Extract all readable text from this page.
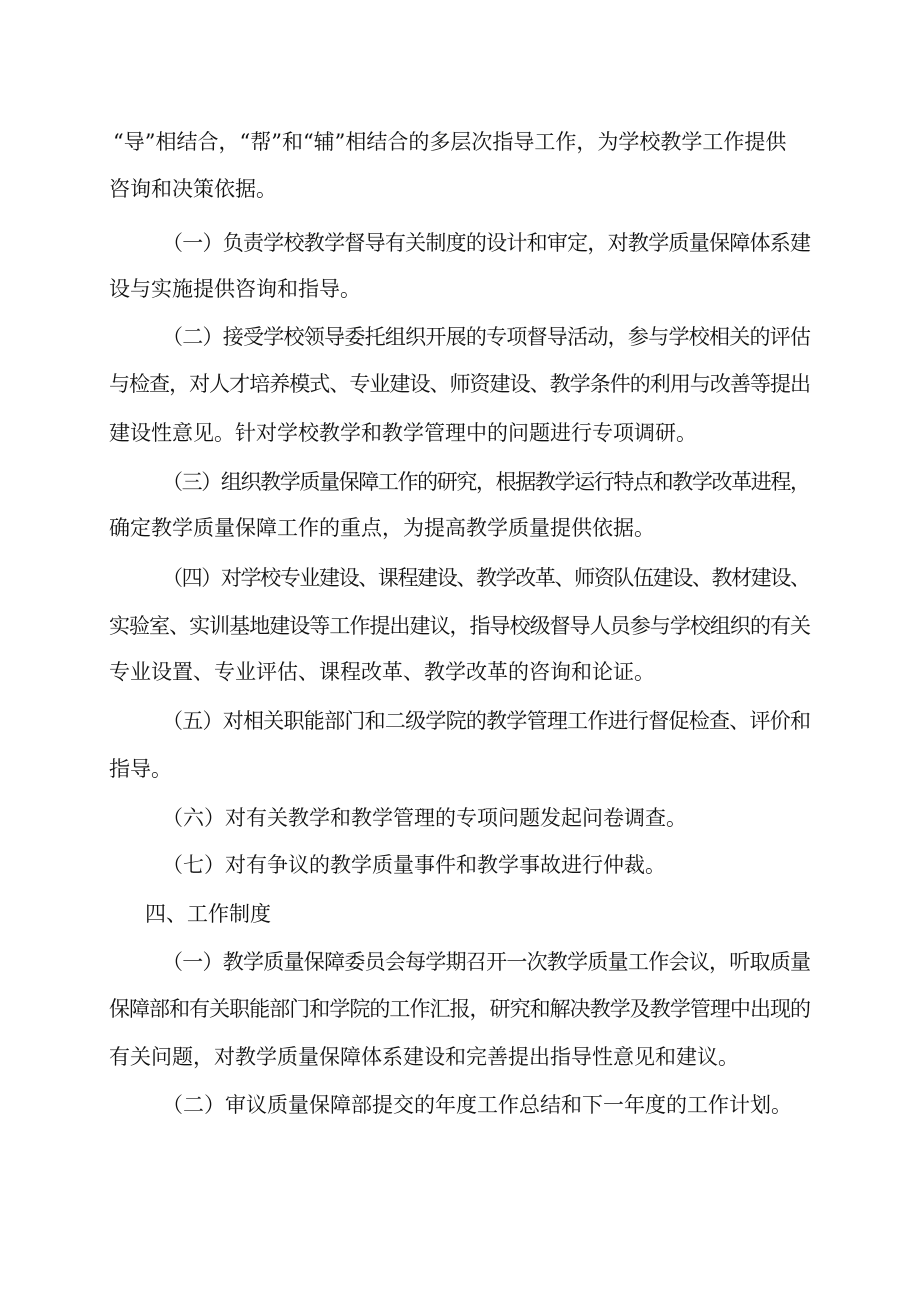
“导”相结合，“帮”和“辅”相结合的多层次指导工作，为学校教学工作提供
咨询和决策依据。
（一）负责学校教学督导有关制度的设计和审定，对教学质量保障体系建
设与实施提供咨询和指导。
（二）接受学校领导委托组织开展的专项督导活动，参与学校相关的评估
与检查，对人才培养模式、专业建设、师资建设、教学条件的利用与改善等提出
建设性意见。针对学校教学和教学管理中的问题进行专项调研。
（三）组织教学质量保障工作的研究，根据教学运行特点和教学改革进程，
确定教学质量保障工作的重点，为提高教学质量提供依据。
（四）对学校专业建设、课程建设、教学改革、师资队伍建设、教材建设、
实验室、实训基地建设等工作提出建议，指导校级督导人员参与学校组织的有关
专业设置、专业评估、课程改革、教学改革的咨询和论证。
（五）对相关职能部门和二级学院的教学管理工作进行督促检查、评价和
指导。
（六）对有关教学和教学管理的专项问题发起问卷调查。
（七）对有争议的教学质量事件和教学事故进行仲裁。
四、工作制度
（一）教学质量保障委员会每学期召开一次教学质量工作会议，听取质量
保障部和有关职能部门和学院的工作汇报，研究和解决教学及教学管理中出现的
有关问题，对教学质量保障体系建设和完善提出指导性意见和建议。
（二）审议质量保障部提交的年度工作总结和下一年度的工作计划。
